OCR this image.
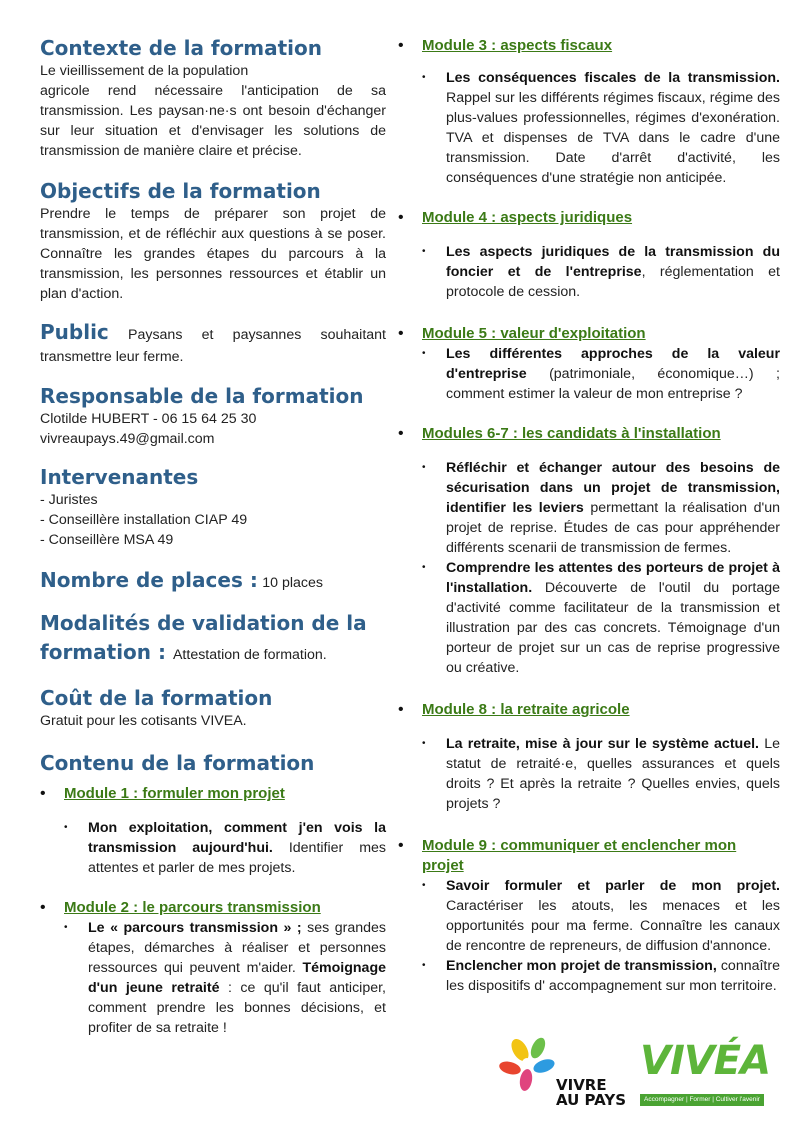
Contexte de la formation
Le vieillissement de la population
agricole rend nécessaire l'anticipation de sa transmission. Les paysan·ne·s ont besoin d'échanger sur leur situation et d'envisager les solutions de transmission de manière claire et précise.
Objectifs de la formation
Prendre le temps de préparer son projet de transmission, et de réfléchir aux questions à se poser. Connaître les grandes étapes du parcours à la transmission, les personnes ressources et établir un plan d'action.
Public Paysans et paysannes souhaitant transmettre leur ferme.
Responsable de la formation
Clotilde HUBERT - 06 15 64 25 30
vivreaupays.49@gmail.com
Intervenantes
- Juristes
- Conseillère installation CIAP 49
- Conseillère MSA 49
Nombre de places : 10 places
Modalités de validation de la formation : Attestation de formation.
Coût de la formation
Gratuit pour les cotisants VIVEA.
Contenu de la formation
•	Module 1 : formuler mon projet
•	Mon exploitation, comment j'en vois la transmission aujourd'hui. Identifier mes attentes et parler de mes projets.
•	Module 2 : le parcours transmission
•	Le « parcours transmission » ; ses grandes étapes, démarches à réaliser et personnes ressources qui peuvent m'aider. Témoignage d'un jeune retraité : ce qu'il faut anticiper, comment prendre les bonnes décisions, et profiter de sa retraite !
•	Module 3 : aspects fiscaux
•	Les conséquences fiscales de la transmission. Rappel sur les différents régimes fiscaux, régime des plus-values professionnelles, régimes d'exonération. TVA et dispenses de TVA dans le cadre d'une transmission. Date d'arrêt d'activité, les conséquences d'une stratégie non anticipée.
•	Module 4 : aspects juridiques
•	Les aspects juridiques de la transmission du foncier et de l'entreprise, réglementation et protocole de cession.
•	Module 5 : valeur d'exploitation
•	Les différentes approches de la valeur d'entreprise (patrimoniale, économique…) ; comment estimer la valeur de mon entreprise ?
•	Modules 6-7 : les candidats à l'installation
•	Réfléchir et échanger autour des besoins de sécurisation dans un projet de transmission, identifier les leviers permettant la réalisation d'un projet de reprise. Études de cas pour appréhender différents scenarii de transmission de fermes.
•	Comprendre les attentes des porteurs de projet à l'installation. Découverte de l'outil du portage d'activité comme facilitateur de la transmission et illustration par des cas concrets. Témoignage d'un porteur de projet sur un cas de reprise progressive ou créative.
•	Module 8 : la retraite agricole
•	La retraite, mise à jour sur le système actuel. Le statut de retraité·e, quelles assurances et quels droits ? Et après la retraite ? Quelles envies, quels projets ?
•	Module 9 : communiquer et enclencher mon projet
•	Savoir formuler et parler de mon projet. Caractériser les atouts, les menaces et les opportunités pour ma ferme. Connaître les canaux de rencontre de repreneurs, de diffusion d'annonce.
•	Enclencher mon projet de transmission, connaître les dispositifs d' accompagnement sur mon territoire.
VIVRE
AU PAYS
VIVÉA
Accompagner | Former | Cultiver l'avenir
